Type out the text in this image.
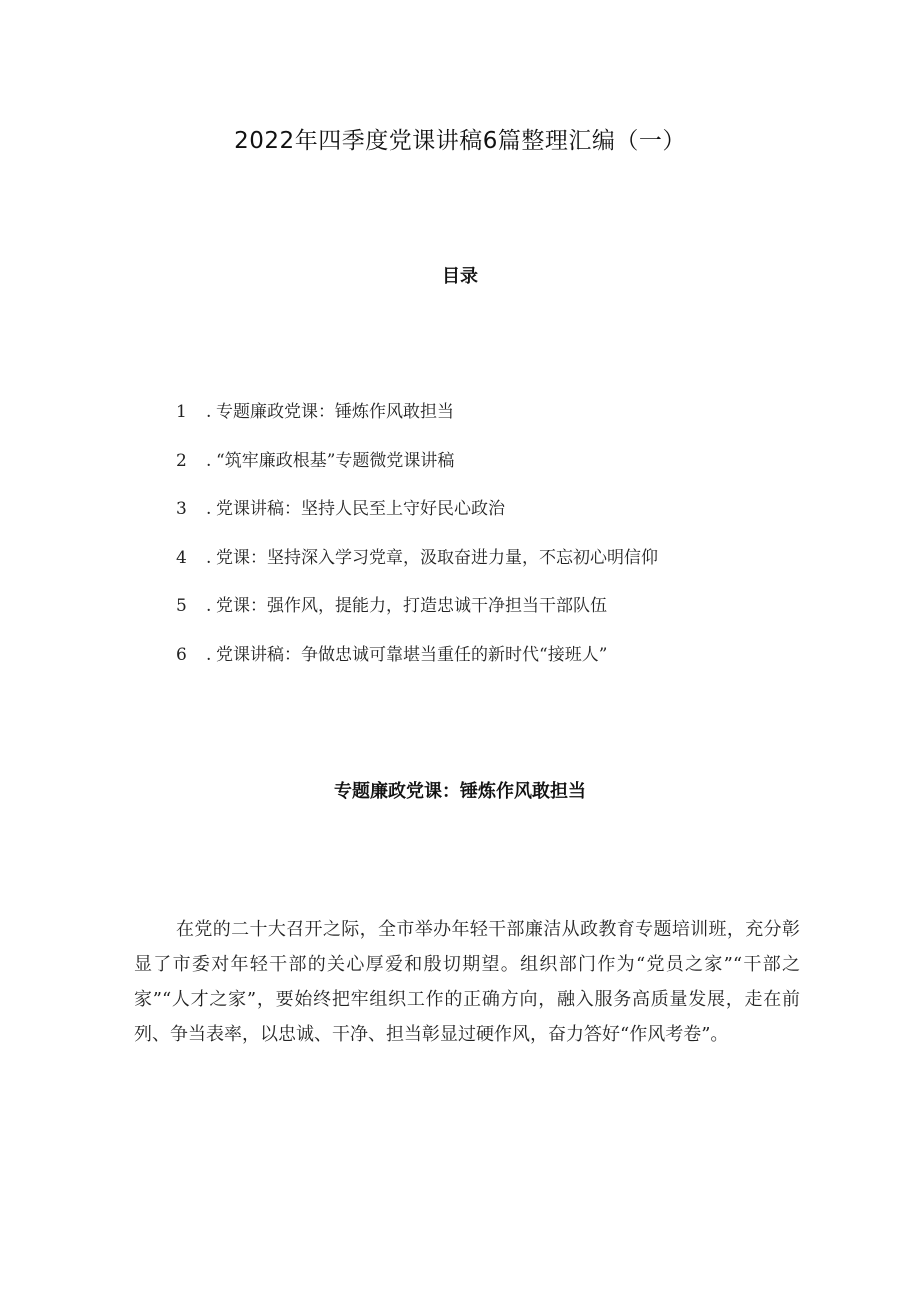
2022年四季度党课讲稿6篇整理汇编（一）
目录
1 . 专题廉政党课：锤炼作风敢担当
2 . “筑牢廉政根基”专题微党课讲稿
3 . 党课讲稿：坚持人民至上守好民心政治
4 . 党课：坚持深入学习党章，汲取奋进力量，不忘初心明信仰
5 . 党课：强作风，提能力，打造忠诚干净担当干部队伍
6 . 党课讲稿：争做忠诚可靠堪当重任的新时代“接班人”
专题廉政党课：锤炼作风敢担当

在党的二十大召开之际，全市举办年轻干部廉洁从政教育专题培训班，充分彰显了市委对年轻干部的关心厚爱和殷切期望。组织部门作为“党员之家”“干部之家”“人才之家”，要始终把牢组织工作的正确方向，融入服务高质量发展，走在前列、争当表率，以忠诚、干净、担当彰显过硬作风，奋力答好“作风考卷”。
